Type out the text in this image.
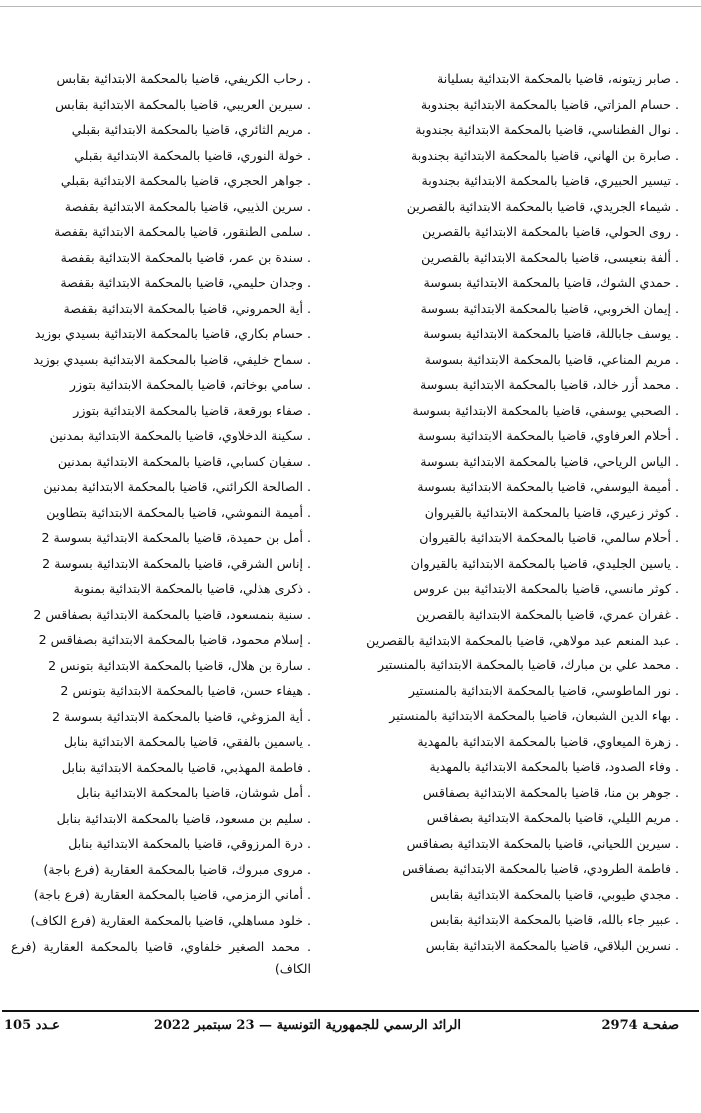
. صابر زيتونه، قاضيا بالمحكمة الابتدائية بسليانة
. حسام المزاتي، قاضيا بالمحكمة الابتدائية بجندوبة
. نوال الفطناسي، قاضيا بالمحكمة الابتدائية بجندوبة
. صابرة بن الهاني، قاضيا بالمحكمة الابتدائية بجندوبة
. تيسير الحبيري، قاضيا بالمحكمة الابتدائية بجندوبة
. شيماء الجريدي، قاضيا بالمحكمة الابتدائية بالقصرين
. روى الحولي، قاضيا بالمحكمة الابتدائية بالقصرين
. ألفة بنعيسى، قاضيا بالمحكمة الابتدائية بالقصرين
. حمدي الشوك، قاضيا بالمحكمة الابتدائية بسوسة
. إيمان الخروبي، قاضيا بالمحكمة الابتدائية بسوسة
. يوسف جاباللة، قاضيا بالمحكمة الابتدائية بسوسة
. مريم المناعي، قاضيا بالمحكمة الابتدائية بسوسة
. محمد أزر خالد، قاضيا بالمحكمة الابتدائية بسوسة
. الصحبي يوسفي، قاضيا بالمحكمة الابتدائية بسوسة
. أحلام العرفاوي، قاضيا بالمحكمة الابتدائية بسوسة
. الياس الرياحي، قاضيا بالمحكمة الابتدائية بسوسة
. أميمة اليوسفي، قاضيا بالمحكمة الابتدائية بسوسة
. كوثر زعيري، قاضيا بالمحكمة الابتدائية بالقيروان
. أحلام سالمي، قاضيا بالمحكمة الابتدائية بالقيروان
. ياسين الجليدي، قاضيا بالمحكمة الابتدائية بالقيروان
. كوثر مانسي، قاضيا بالمحكمة الابتدائية ببن عروس
. غفران عمري، قاضيا بالمحكمة الابتدائية بالقصرين
. عبد المنعم عبد مولاهي، قاضيا بالمحكمة الابتدائية بالقصرين
. محمد علي بن مبارك، قاضيا بالمحكمة الابتدائية بالمنستير
. نور الماطوسي، قاضيا بالمحكمة الابتدائية بالمنستير
. بهاء الدين الشبعان، قاضيا بالمحكمة الابتدائية بالمنستير
. زهرة الميعاوي، قاضيا بالمحكمة الابتدائية بالمهدية
. وفاء الصدود، قاضيا بالمحكمة الابتدائية بالمهدية
. جوهر بن منا، قاضيا بالمحكمة الابتدائية بصفاقس
. مريم الليلي، قاضيا بالمحكمة الابتدائية بصفاقس
. سيرين اللحياني، قاضيا بالمحكمة الابتدائية بصفاقس
. فاطمة الطرودي، قاضيا بالمحكمة الابتدائية بصفاقس
. مجدي طيوبي، قاضيا بالمحكمة الابتدائية بقابس
. عبير جاء بالله، قاضيا بالمحكمة الابتدائية بقابس
. نسرين البلاقي، قاضيا بالمحكمة الابتدائية بقابس
. رحاب الكريفي، قاضيا بالمحكمة الابتدائية بقابس
. سيرين العريبي، قاضيا بالمحكمة الابتدائية بقابس
. مريم الثائري، قاضيا بالمحكمة الابتدائية بقبلي
. خولة النوري، قاضيا بالمحكمة الابتدائية بقبلي
. جواهر الحجري، قاضيا بالمحكمة الابتدائية بقبلي
. سرين الذيبي، قاضيا بالمحكمة الابتدائية بقفصة
. سلمى الطنقور، قاضيا بالمحكمة الابتدائية بقفصة
. سندة بن عمر، قاضيا بالمحكمة الابتدائية بقفصة
. وجدان حليمي، قاضيا بالمحكمة الابتدائية بقفصة
. أية الحمروني، قاضيا بالمحكمة الابتدائية بقفصة
. حسام بكاري، قاضيا بالمحكمة الابتدائية بسيدي بوزيد
. سماح خليفي، قاضيا بالمحكمة الابتدائية بسيدي بوزيد
. سامي بوخاتم، قاضيا بالمحكمة الابتدائية بتوزر
. صفاء بورقعة، قاضيا بالمحكمة الابتدائية بتوزر
. سكينة الدخلاوي، قاضيا بالمحكمة الابتدائية بمدنين
. سفيان كسابي، قاضيا بالمحكمة الابتدائية بمدنين
. الصالحة الكرائني، قاضيا بالمحكمة الابتدائية بمدنين
. أميمة النموشي، قاضيا بالمحكمة الابتدائية بتطاوين
. أمل بن حميدة، قاضيا بالمحكمة الابتدائية بسوسة 2
. إناس الشرقي، قاضيا بالمحكمة الابتدائية بسوسة 2
. ذكرى هذلي، قاضيا بالمحكمة الابتدائية بمنوبة
. سنية بنمسعود، قاضيا بالمحكمة الابتدائية بصفاقس 2
. إسلام محمود، قاضيا بالمحكمة الابتدائية بصفاقس 2
. سارة بن هلال، قاضيا بالمحكمة الابتدائية بتونس 2
. هيفاء حسن، قاضيا بالمحكمة الابتدائية بتونس 2
. أية المزوغي، قاضيا بالمحكمة الابتدائية بسوسة 2
. ياسمين بالفقي، قاضيا بالمحكمة الابتدائية بنابل
. فاطمة المهذبي، قاضيا بالمحكمة الابتدائية بنابل
. أمل شوشان، قاضيا بالمحكمة الابتدائية بنابل
. سليم بن مسعود، قاضيا بالمحكمة الابتدائية بنابل
. درة المرزوقي، قاضيا بالمحكمة الابتدائية بنابل
. مروى مبروك، قاضيا بالمحكمة العقارية (فرع باجة)
. أماني الزمزمي، قاضيا بالمحكمة العقارية (فرع باجة)
. خلود مساهلي، قاضيا بالمحكمة العقارية (فرع الكاف)
. محمد الصغير خلفاوي، قاضيا بالمحكمة العقارية (فرع الكاف)
صفحـة 2974
الرائد الرسمي للجمهورية التونسية — 23 سبتمبر 2022
عـدد 105
